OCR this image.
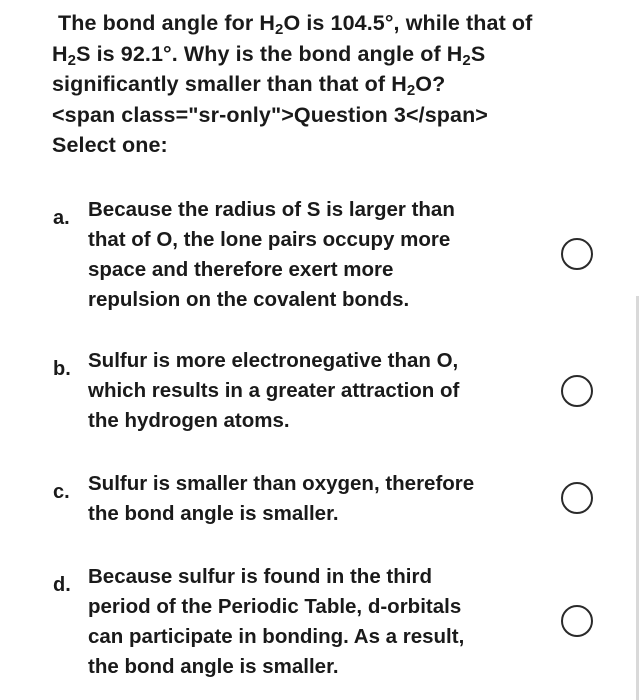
The bond angle for $H_2O$ is 104.5°, while that of
$H_2S$ is 92.1°. Why is the bond angle of $H_2S$
significantly smaller than that of $H_2O$?
<span class="sr-only">Question 3</span>
Select one:
a. Because the radius of S is larger than
that of O, the lone pairs occupy more
space and therefore exert more
repulsion on the covalent bonds.
b. Sulfur is more electronegative than O,
which results in a greater attraction of
the hydrogen atoms.
c. Sulfur is smaller than oxygen, therefore
the bond angle is smaller.
d. Because sulfur is found in the third
period of the Periodic Table, d-orbitals
can participate in bonding. As a result,
the bond angle is smaller.
